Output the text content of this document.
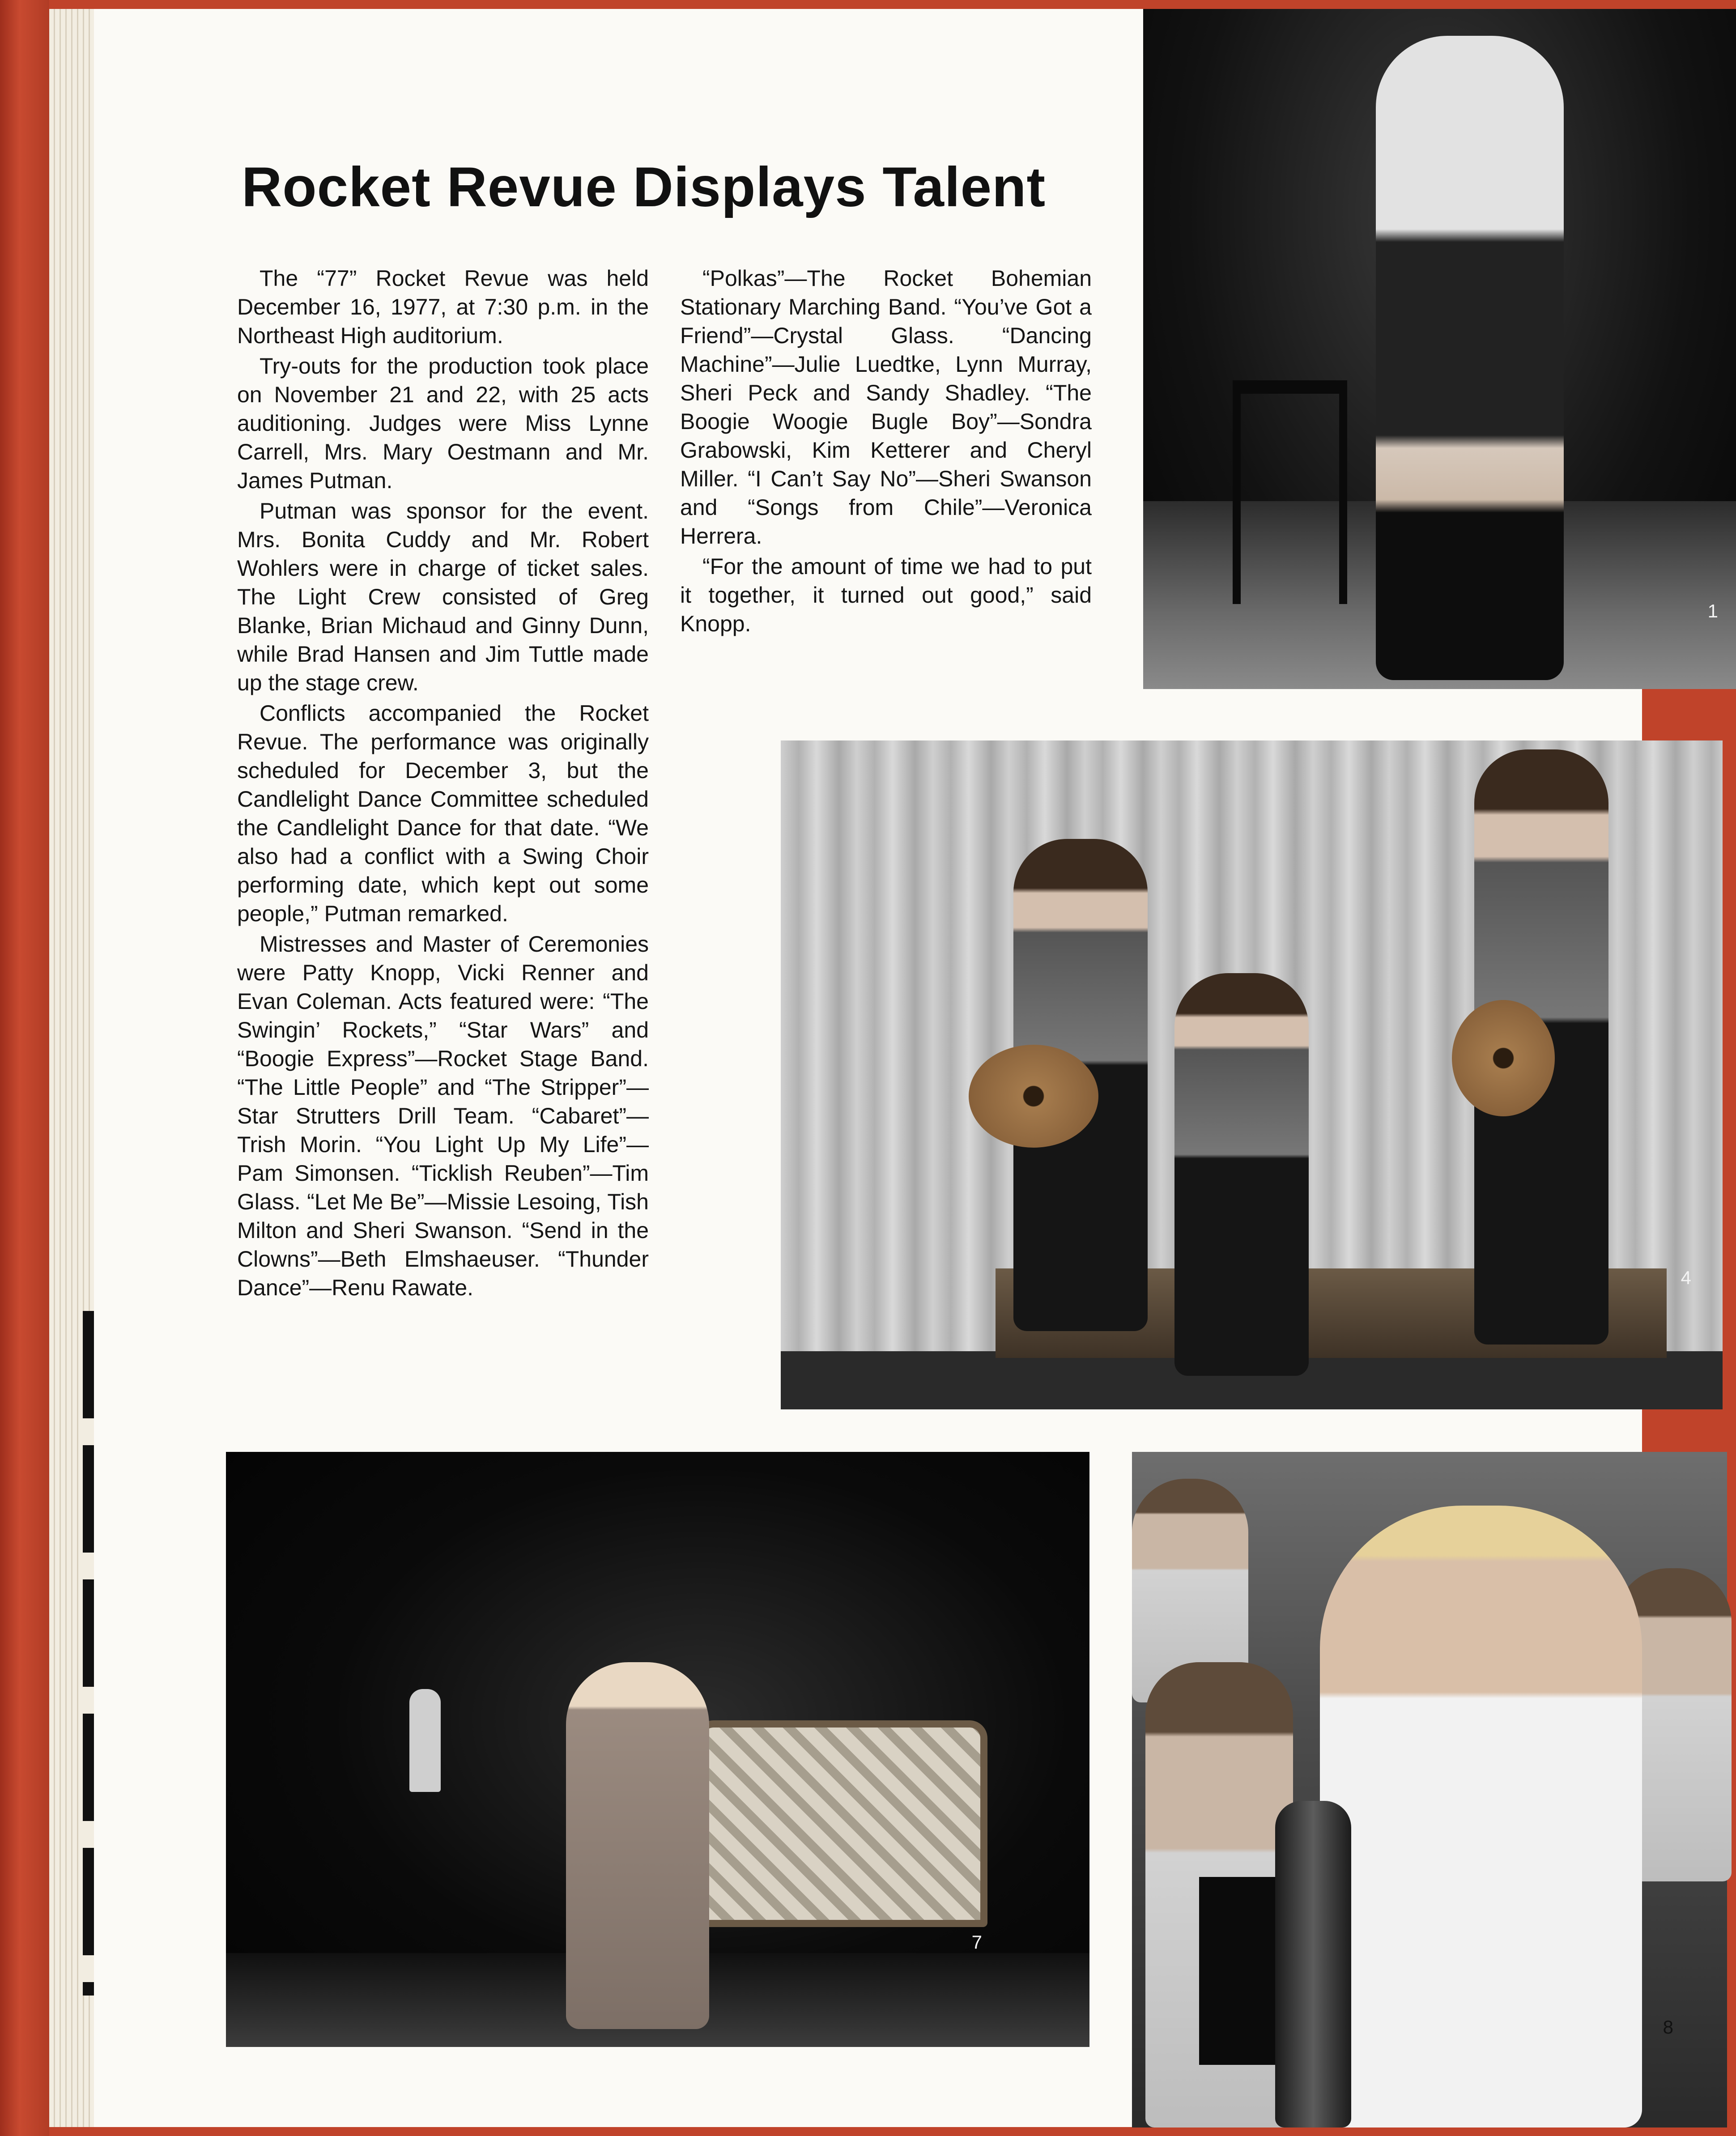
Rocket Revue Displays Talent

The “77” Rocket Revue was held December 16, 1977, at 7:30 p.m. in the Northeast High auditorium.

Try-outs for the production took place on November 21 and 22, with 25 acts auditioning. Judges were Miss Lynne Carrell, Mrs. Mary Oestmann and Mr. James Putman.

Putman was sponsor for the event. Mrs. Bonita Cuddy and Mr. Robert Wohlers were in charge of ticket sales. The Light Crew consisted of Greg Blanke, Brian Michaud and Ginny Dunn, while Brad Hansen and Jim Tuttle made up the stage crew.

Conflicts accompanied the Rocket Revue. The performance was originally scheduled for December 3, but the Candlelight Dance Committee scheduled the Candlelight Dance for that date. “We also had a conflict with a Swing Choir performing date, which kept out some people,” Putman remarked.

Mistresses and Master of Ceremonies were Patty Knopp, Vicki Renner and Evan Coleman. Acts featured were: “The Swingin’ Rockets,” “Star Wars” and “Boogie Express”—Rocket Stage Band. “The Little People” and “The Stripper”—Star Strutters Drill Team. “Cabaret”—Trish Morin. “You Light Up My Life”—Pam Simonsen. “Ticklish Reuben”—Tim Glass. “Let Me Be”—Missie Lesoing, Tish Milton and Sheri Swanson. “Send in the Clowns”—Beth Elmshaeuser. “Thunder Dance”—Renu Rawate.

“Polkas”—The Rocket Bohemian Stationary Marching Band. “You’ve Got a Friend”—Crystal Glass. “Dancing Machine”—Julie Luedtke, Lynn Murray, Sheri Peck and Sandy Shadley. “The Boogie Woogie Bugle Boy”—Sondra Grabowski, Kim Ketterer and Cheryl Miller. “I Can’t Say No”—Sheri Swanson and “Songs from Chile”—Veronica Herrera.

“For the amount of time we had to put it together, it turned out good,” said Knopp.

1
4
7
8
